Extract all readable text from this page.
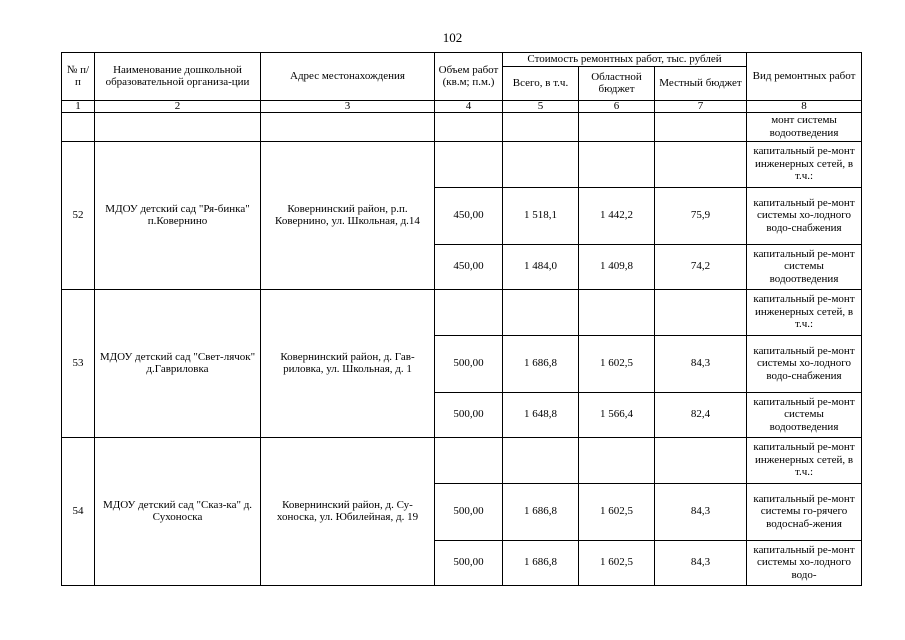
102
№ п/п	Наименование дошкольной образовательной организа-ции	Адрес местонахождения	Объем работ (кв.м; п.м.)	Стоимость ремонтных работ, тыс. рублей			Вид ремонтных работ
				Всего, в т.ч.	Областной бюджет	Местный бюджет	
1	2	3	4	5	6	7	8
							монт системы водоотведения
52	МДОУ детский сад "Ря-бинка" п.Ковернино	Ковернинский район, р.п. Ковернино, ул. Школьная, д.14					капитальный ре-монт инженерных сетей, в т.ч.:
			450,00	1 518,1	1 442,2	75,9	капитальный ре-монт системы хо-лодного водо-снабжения
			450,00	1 484,0	1 409,8	74,2	капитальный ре-монт системы водоотведения
53	МДОУ детский сад "Свет-лячок" д.Гавриловка	Ковернинский район, д. Гав-риловка, ул. Школьная, д. 1					капитальный ре-монт инженерных сетей, в т.ч.:
			500,00	1 686,8	1 602,5	84,3	капитальный ре-монт системы хо-лодного водо-снабжения
			500,00	1 648,8	1 566,4	82,4	капитальный ре-монт системы водоотведения
54	МДОУ детский сад "Сказ-ка" д. Сухоноска	Ковернинский район, д. Су-хоноска, ул. Юбилейная, д. 19					капитальный ре-монт инженерных сетей, в т.ч.:
			500,00	1 686,8	1 602,5	84,3	капитальный ре-монт системы го-рячего водоснаб-жения
			500,00	1 686,8	1 602,5	84,3	капитальный ре-монт системы хо-лодного водо-
